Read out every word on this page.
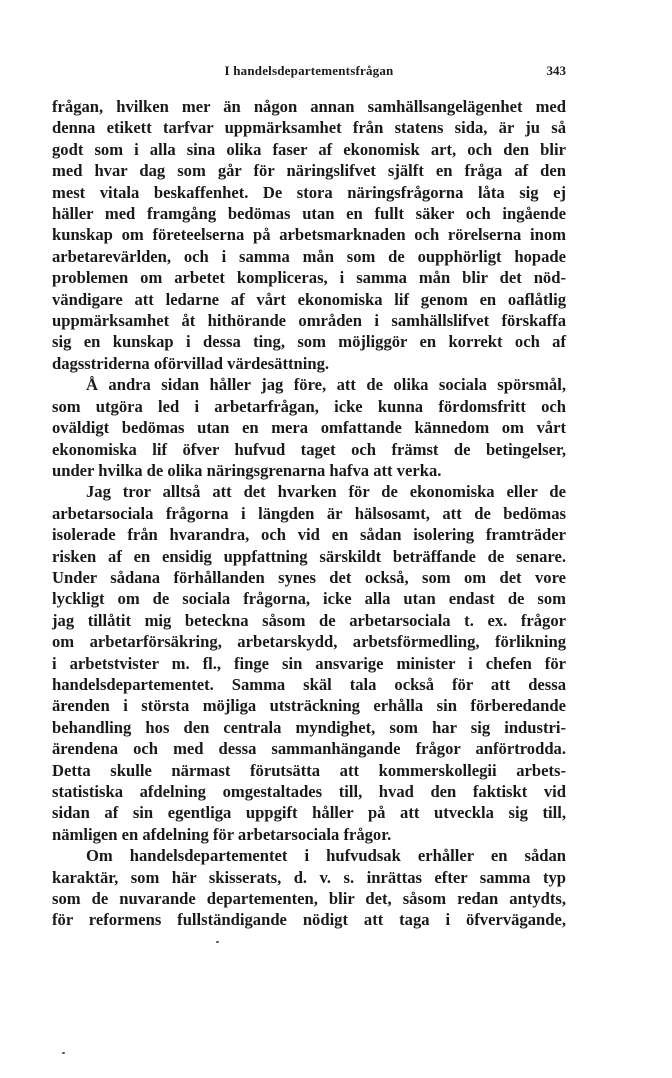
I handelsdepartementsfrågan	343
frågan, hvilken mer än någon annan samhällsangelägenhet med
denna etikett tarfvar uppmärksamhet från statens sida, är ju så
godt som i alla sina olika faser af ekonomisk art, och den blir
med hvar dag som går för näringslifvet själft en fråga af den
mest vitala beskaffenhet. De stora näringsfrågorna låta sig ej
häller med framgång bedömas utan en fullt säker och ingående
kunskap om företeelserna på arbetsmarknaden och rörelserna inom
arbetarevärlden, och i samma mån som de oupphörligt hopade
problemen om arbetet kompliceras, i samma mån blir det nöd-
vändigare att ledarne af vårt ekonomiska lif genom en oaflåtlig
uppmärksamhet åt hithörande områden i samhällslifvet förskaffa
sig en kunskap i dessa ting, som möjliggör en korrekt och af
dagsstriderna oförvillad värdesättning.
Å andra sidan håller jag före, att de olika sociala spörsmål,
som utgöra led i arbetarfrågan, icke kunna fördomsfritt och
oväldigt bedömas utan en mera omfattande kännedom om vårt
ekonomiska lif öfver hufvud taget och främst de betingelser,
under hvilka de olika näringsgrenarna hafva att verka.
Jag tror alltså att det hvarken för de ekonomiska eller de
arbetarsociala frågorna i längden är hälsosamt, att de bedömas
isolerade från hvarandra, och vid en sådan isolering framträder
risken af en ensidig uppfattning särskildt beträffande de senare.
Under sådana förhållanden synes det också, som om det vore
lyckligt om de sociala frågorna, icke alla utan endast de som
jag tillåtit mig beteckna såsom de arbetarsociala t. ex. frågor
om arbetarförsäkring, arbetarskydd, arbetsförmedling, förlikning
i arbetstvister m. fl., finge sin ansvarige minister i chefen för
handelsdepartementet. Samma skäl tala också för att dessa
ärenden i största möjliga utsträckning erhålla sin förberedande
behandling hos den centrala myndighet, som har sig industri-
ärendena och med dessa sammanhängande frågor anförtrodda.
Detta skulle närmast förutsätta att kommerskollegii arbets-
statistiska afdelning omgestaltades till, hvad den faktiskt vid
sidan af sin egentliga uppgift håller på att utveckla sig till,
nämligen en afdelning för arbetarsociala frågor.
Om handelsdepartementet i hufvudsak erhåller en sådan
karaktär, som här skisserats, d. v. s. inrättas efter samma typ
som de nuvarande departementen, blir det, såsom redan antydts,
för reformens fullständigande nödigt att taga i öfvervägande,
